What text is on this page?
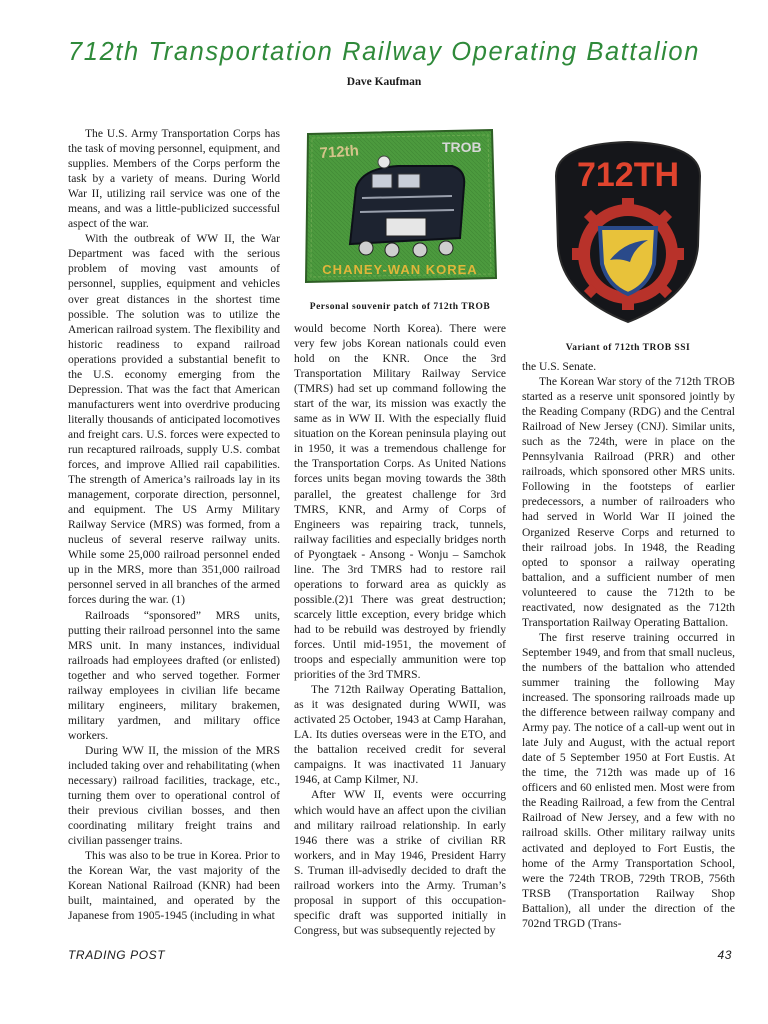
712th Transportation Railway Operating Battalion
Dave Kaufman

The U.S. Army Transportation Corps has the task of moving personnel, equipment, and supplies. Members of the Corps perform the task by a variety of means. During World War II, utilizing rail service was one of the means, and was a little-publicized successful aspect of the war.

With the outbreak of WW II, the War Department was faced with the serious problem of moving vast amounts of personnel, supplies, equipment and vehicles over great distances in the shortest time possible. The solution was to utilize the American railroad system. The flexibility and historic readiness to expand railroad operations provided a substantial benefit to the U.S. economy emerging from the Depression. That was the fact that American manufacturers went into overdrive producing literally thousands of anticipated locomotives and freight cars. U.S. forces were expected to run recaptured railroads, supply U.S. combat forces, and improve Allied rail capabilities. The strength of America’s railroads lay in its management, corporate direction, personnel, and equipment. The US Army Military Railway Service (MRS) was formed, from a nucleus of several reserve railway units. While some 25,000 railroad personnel ended up in the MRS, more than 351,000 railroad personnel served in all branches of the armed forces during the war. (1)

Railroads “sponsored” MRS units, putting their railroad personnel into the same MRS unit. In many instances, individual railroads had employees drafted (or enlisted) together and who served together. Former railway employees in civilian life became military engineers, military brakemen, military yardmen, and military office workers.

During WW II, the mission of the MRS included taking over and rehabilitating (when necessary) railroad facilities, trackage, etc., turning them over to operational control of their previous civilian bosses, and then coordinating military freight trains and civilian passenger trains.

This was also to be true in Korea. Prior to the Korean War, the vast majority of the Korean National Railroad (KNR) had been built, maintained, and operated by the Japanese from 1905-1945 (including in what

712th	TROB
CHANEY-WAN KOREA
Personal souvenir patch of 712th TROB
712TH
Variant of 712th TROB SSI

would become North Korea). There were very few jobs Korean nationals could even hold on the KNR. Once the 3rd Transportation Military Railway Service (TMRS) had set up command following the start of the war, its mission was exactly the same as in WW II. With the especially fluid situation on the Korean peninsula playing out in 1950, it was a tremendous challenge for the Transportation Corps. As United Nations forces units began moving towards the 38th parallel, the greatest challenge for 3rd TMRS, KNR, and Army of Corps of Engineers was repairing track, tunnels, railway facilities and especially bridges north of Pyongtaek - Ansong - Wonju – Samchok line. The 3rd TMRS had to restore rail operations to forward area as quickly as possible.(2)1 There was great destruction; scarcely little exception, every bridge which had to be rebuild was destroyed by friendly forces. Until mid-1951, the movement of troops and especially ammunition were top priorities of the 3rd TMRS.

The 712th Railway Operating Battalion, as it was designated during WWII, was activated 25 October, 1943 at Camp Harahan, LA. Its duties overseas were in the ETO, and the battalion received credit for several campaigns. It was inactivated 11 January 1946, at Camp Kilmer, NJ.

After WW II, events were occurring which would have an affect upon the civilian and military railroad relationship. In early 1946 there was a strike of civilian RR workers, and in May 1946, President Harry S. Truman ill-advisedly decided to draft the railroad workers into the Army. Truman’s proposal in support of this occupation-specific draft was supported initially in Congress, but was subsequently rejected by

the U.S. Senate.

The Korean War story of the 712th TROB started as a reserve unit sponsored jointly by the Reading Company (RDG) and the Central Railroad of New Jersey (CNJ). Similar units, such as the 724th, were in place on the Pennsylvania Railroad (PRR) and other railroads, which sponsored other MRS units. Following in the footsteps of earlier predecessors, a number of railroaders who had served in World War II joined the Organized Reserve Corps and returned to their railroad jobs. In 1948, the Reading opted to sponsor a railway operating battalion, and a sufficient number of men volunteered to cause the 712th to be reactivated, now designated as the 712th Transportation Railway Operating Battalion.

The first reserve training occurred in September 1949, and from that small nucleus, the numbers of the battalion who attended summer training the following May increased. The sponsoring railroads made up the difference between railway company and Army pay. The notice of a call-up went out in late July and August, with the actual report date of 5 September 1950 at Fort Eustis. At the time, the 712th was made up of 16 officers and 60 enlisted men. Most were from the Reading Railroad, a few from the Central Railroad of New Jersey, and a few with no railroad skills. Other military railway units activated and deployed to Fort Eustis, the home of the Army Transportation School, were the 724th TROB, 729th TROB, 756th TRSB (Transportation Railway Shop Battalion), all under the direction of the 702nd TRGD (Trans-

TRADING POST	43
